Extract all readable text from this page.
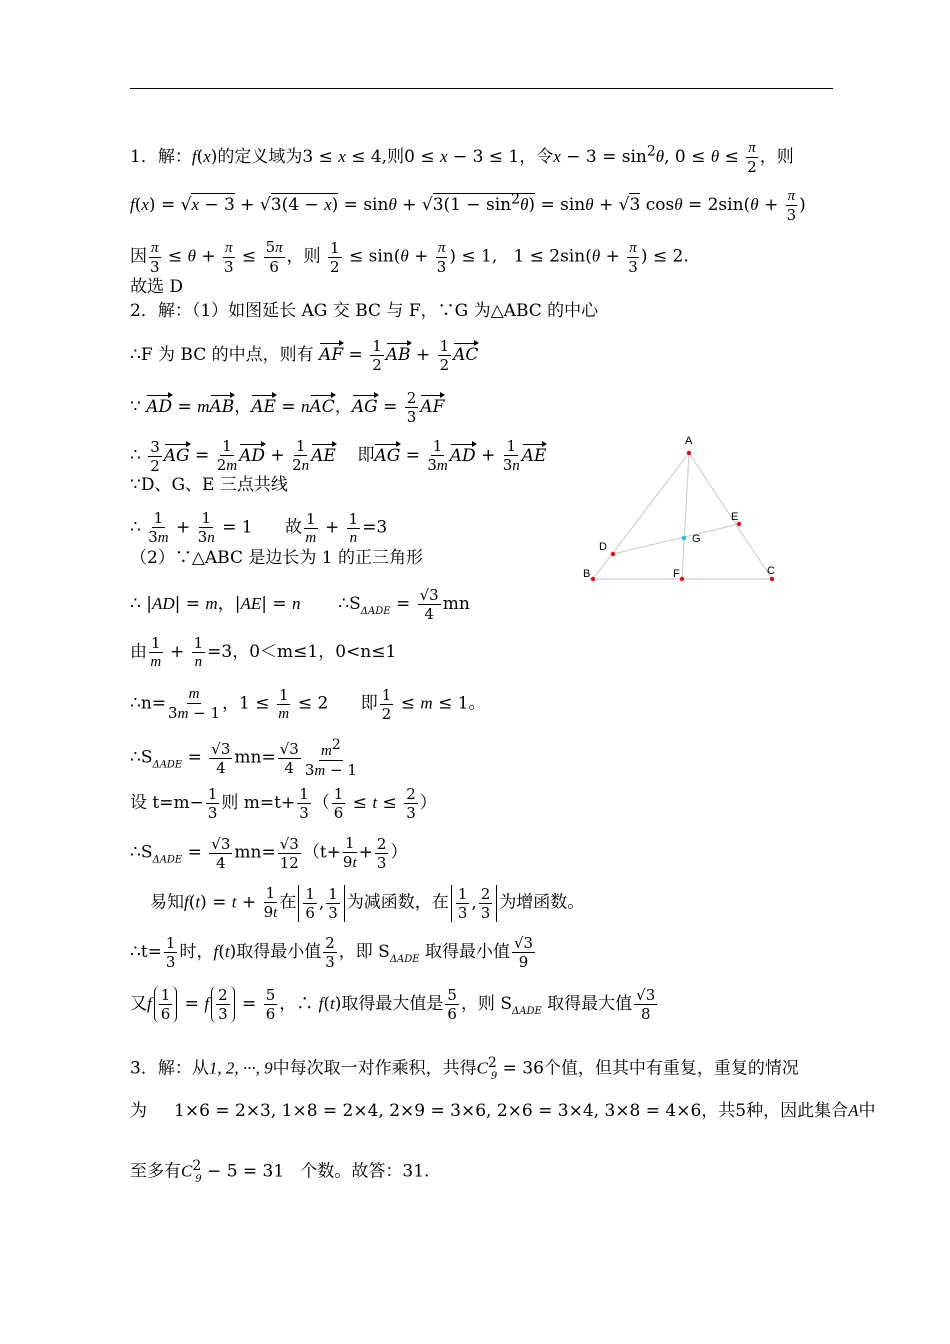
1．解：f(x)的定义域为3 ≤ x ≤ 4,则0 ≤ x − 3 ≤ 1，令$x - 3 = \sin^2\theta$, $0 \le \theta \le \frac{\pi}{2}$ ，则
$f(x) = √x - 3 + √3(4 - x) = \sin\theta + √3(1 - \sin^2\theta) = \sin\theta + √3$ $\cos\theta = 2\sin(\theta + \frac{\pi}{3}$ )
因 $\frac{\pi}{3} \le \theta + \frac{\pi}{3} \le \frac{5\pi}{6}$ ，则 $\frac{1}{2} \le \sin(\theta + \frac{\pi}{3}$ ) ≤ 1,   $1 \le 2\sin(\theta + \frac{\pi}{3}$ ) ≤ 2.
故选 D
2．解：（1）如图延长 AG 交 BC 与 F，∵G 为△ABC 的中心
∴F 为 BC 的中点，则有 AF = $\frac{1}{2}$ AB + $\frac{1}{2}$ AC
∵ AD = mAB，AE = nAC，AG = $\frac{2}{3}$ AF
∴ $\frac{3}{2}$ AG = $\frac{1}{2m}$ AD + $\frac{1}{2n}$ AE 即AG = $\frac{1}{3m}$ AD + $\frac{1}{3n}$ AE
∵D、G、E 三点共线
∴ $\frac{1}{3m} + \frac{1}{3n} = 1$      故 $\frac{1}{m} + \frac{1}{n} =3$
（2）∵△ABC 是边长为 1 的正三角形
∴ |AD| = m，|AE| = n $\therefore S_{\Delta ADE} = \frac{√3}{4}$ mn
由 $\frac{1}{m} + \frac{1}{n} =3$，0＜m≤1，0<n≤1
∴n= $\frac{m}{3m - 1}$ ，$1 \le \frac{1}{m} \le 2$      即 $\frac{1}{2} \le m \le 1$。
$\therefore S_{\Delta ADE} = \frac{√3}{4} mn= \frac{√3}{4} \frac{m^2}{3m - 1}$
设 $t=m- \frac{1}{3}$ 则 $m=t+ \frac{1}{3}$ （ $\frac{1}{6} \le t \le \frac{2}{3}$ ）
$\therefore S_{\Delta ADE} = \frac{√3}{4} mn= \frac{√3}{12} (t+ \frac{1}{9t} + \frac{2}{3}$ ）
易知$f(t) = t + \frac{1}{9t}$ 在 1
6 , 1
3 为减函数，在 1
3 , 2
3 为增函数。
∴t= $\frac{1}{3}$ 时，f(t)取得最小值 $\frac{2}{3}$ ，即 $S_{\Delta ADE}$ 取得最小值 $\frac{√3}{9}$
又f 1
6 = f 2
$3 = \frac{5}{6}$ ，∴ f(t)取得最大值是 $\frac{5}{6}$ ，则 $S_{\Delta ADE}$ 取得最大值 $\frac{√3}{8}$
3．解：从1, 2, ···, 9中每次取一对作乘积，共得$C^2_9 = 36$个值，但其中有重复，重复的情况
为     1×6 = 2×3, 1×8 = 2×4, 2×9 = 3×6, 2×6 = 3×4, 3×8 = 4×6，共5种，因此集合A中
至多有$C^2_9 - 5 = 31$   个数。故答：31.
A
B	C
D
E
F
G
